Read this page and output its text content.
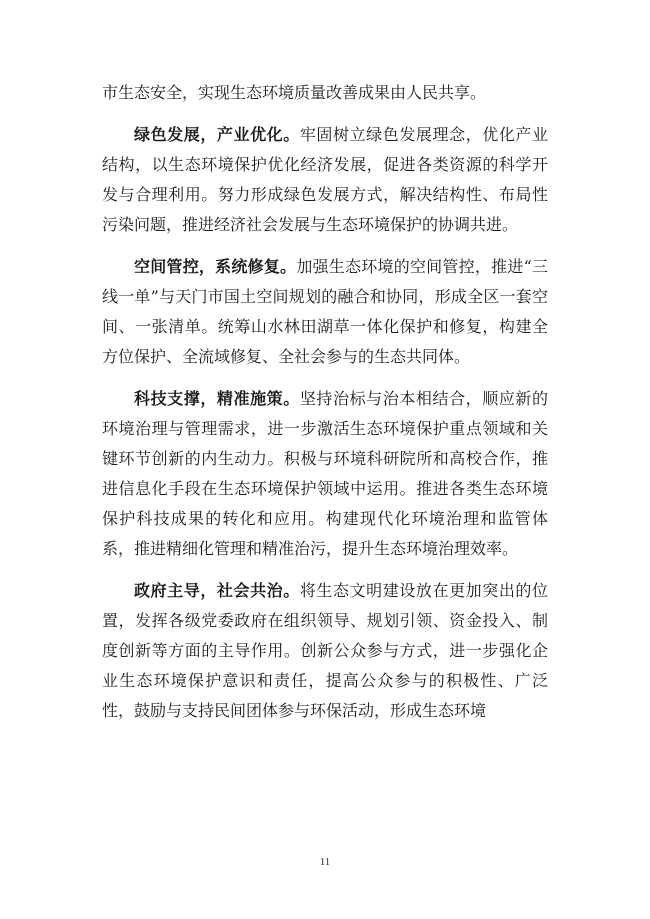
市生态安全，实现生态环境质量改善成果由人民共享。

绿色发展，产业优化。牢固树立绿色发展理念，优化产业结构，以生态环境保护优化经济发展，促进各类资源的科学开发与合理利用。努力形成绿色发展方式，解决结构性、布局性污染问题，推进经济社会发展与生态环境保护的协调共进。

空间管控，系统修复。加强生态环境的空间管控，推进“三线一单”与天门市国土空间规划的融合和协同，形成全区一套空间、一张清单。统筹山水林田湖草一体化保护和修复，构建全方位保护、全流域修复、全社会参与的生态共同体。

科技支撑，精准施策。坚持治标与治本相结合，顺应新的环境治理与管理需求，进一步激活生态环境保护重点领域和关键环节创新的内生动力。积极与环境科研院所和高校合作，推进信息化手段在生态环境保护领域中运用。推进各类生态环境保护科技成果的转化和应用。构建现代化环境治理和监管体系，推进精细化管理和精准治污，提升生态环境治理效率。

政府主导，社会共治。将生态文明建设放在更加突出的位置，发挥各级党委政府在组织领导、规划引领、资金投入、制度创新等方面的主导作用。创新公众参与方式，进一步强化企业生态环境保护意识和责任，提高公众参与的积极性、广泛性，鼓励与支持民间团体参与环保活动，形成生态环境

11
